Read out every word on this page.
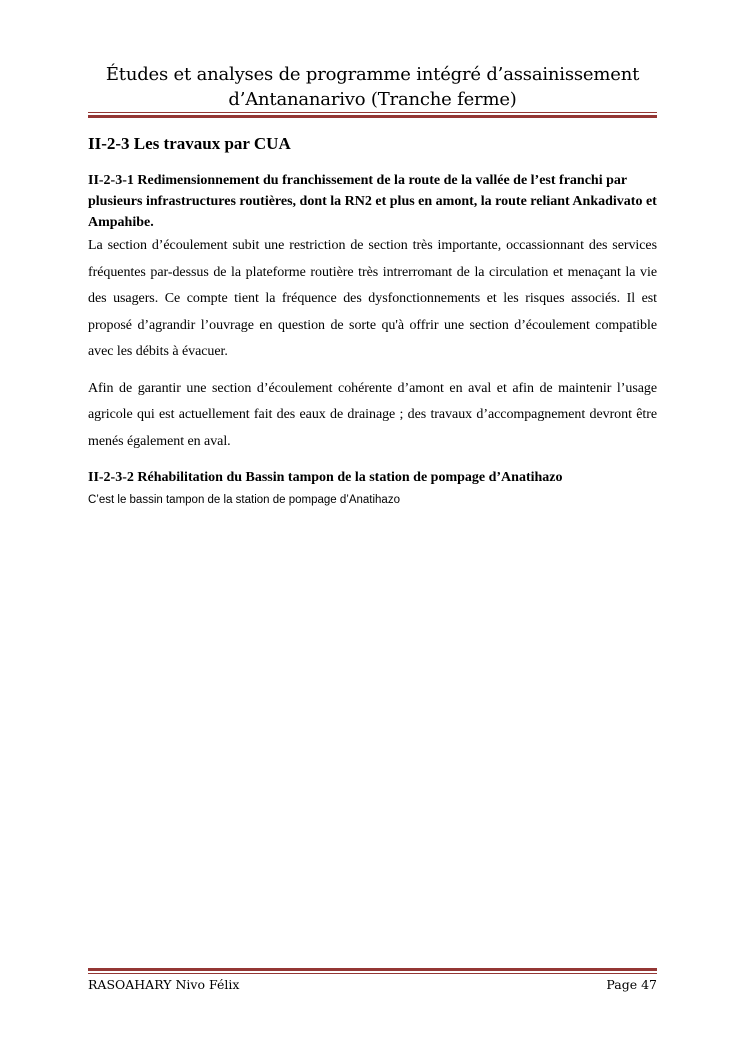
Études et analyses de programme intégré d’assainissement
d’Antananarivo (Tranche ferme)
II-2-3 Les travaux par CUA
II-2-3-1 Redimensionnement du franchissement de la route de la vallée de l’est franchi par plusieurs infrastructures routières, dont la RN2 et plus en amont, la route reliant Ankadivato et Ampahibe.

La section d’écoulement subit une restriction de section très importante, occassionnant des services fréquentes par-dessus de la plateforme routière très intrerromant de la circulation et menaçant la vie des usagers. Ce compte tient la fréquence des dysfonctionnements et les risques associés. Il est proposé d’agrandir l’ouvrage en question de sorte qu'à offrir une section d’écoulement compatible avec les débits à évacuer.

Afin de garantir une section d’écoulement cohérente d’amont en aval et afin de maintenir l’usage agricole qui est actuellement fait des eaux de drainage ; des travaux d’accompagnement devront être menés également en aval.

II-2-3-2 Réhabilitation du Bassin tampon de la station de pompage d’Anatihazo

C’est le bassin tampon de la station de pompage d’Anatihazo

RASOAHARY Nivo Félix	Page 47
